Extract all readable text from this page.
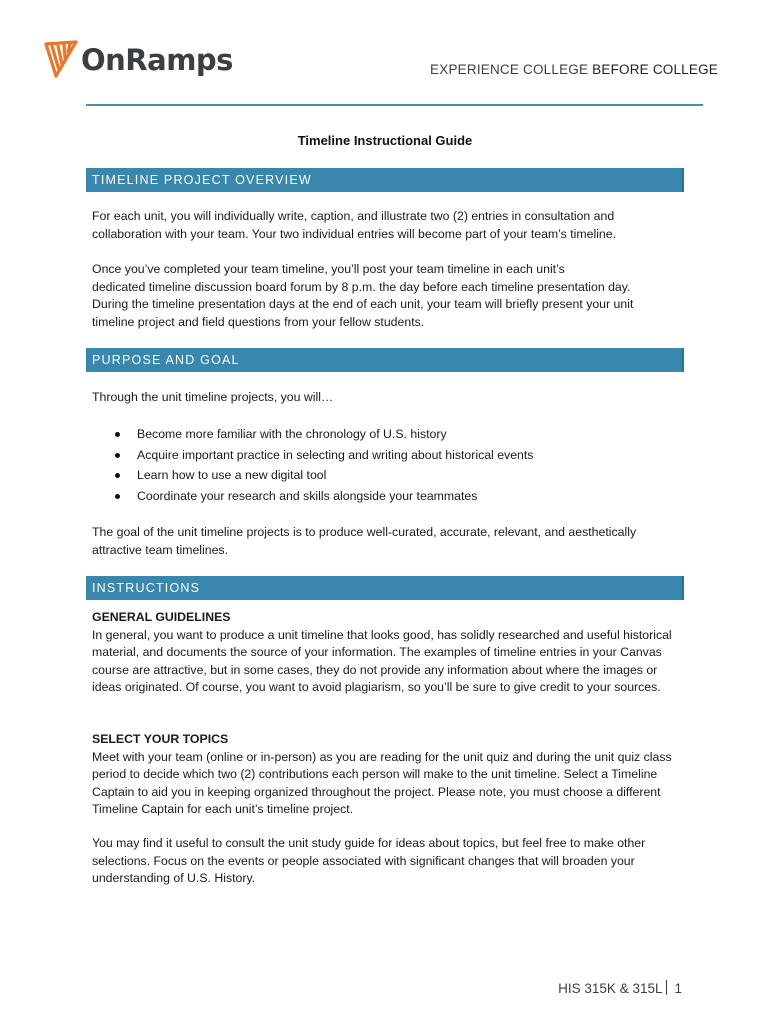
OnRamps	EXPERIENCE COLLEGE BEFORE COLLEGE
Timeline Instructional Guide
TIMELINE PROJECT OVERVIEW

For each unit, you will individually write, caption, and illustrate two (2) entries in consultation and collaboration with your team. Your two individual entries will become part of your team’s timeline.

Once you’ve completed your team timeline, you’ll post your team timeline in each unit’s

dedicated timeline discussion board forum by 8 p.m. the day before each timeline presentation day.

During the timeline presentation days at the end of each unit, your team will briefly present your unit

timeline project and field questions from your fellow students.

PURPOSE AND GOAL
Through the unit timeline projects, you will…
Become more familiar with the chronology of U.S. history
Acquire important practice in selecting and writing about historical events
Learn how to use a new digital tool
Coordinate your research and skills alongside your teammates
The goal of the unit timeline projects is to produce well-curated, accurate, relevant, and aesthetically attractive team timelines.
INSTRUCTIONS

GENERAL GUIDELINES

In general, you want to produce a unit timeline that looks good, has solidly researched and useful historical material, and documents the source of your information. The examples of timeline entries in your Canvas course are attractive, but in some cases, they do not provide any information about where the images or ideas originated. Of course, you want to avoid plagiarism, so you’ll be sure to give credit to your sources.

SELECT YOUR TOPICS

Meet with your team (online or in-person) as you are reading for the unit quiz and during the unit quiz class period to decide which two (2) contributions each person will make to the unit timeline. Select a Timeline Captain to aid you in keeping organized throughout the project. Please note, you must choose a different Timeline Captain for each unit’s timeline project.

You may find it useful to consult the unit study guide for ideas about topics, but feel free to make other selections. Focus on the events or people associated with significant changes that will broaden your understanding of U.S. History.
HIS 315K & 315L 1
